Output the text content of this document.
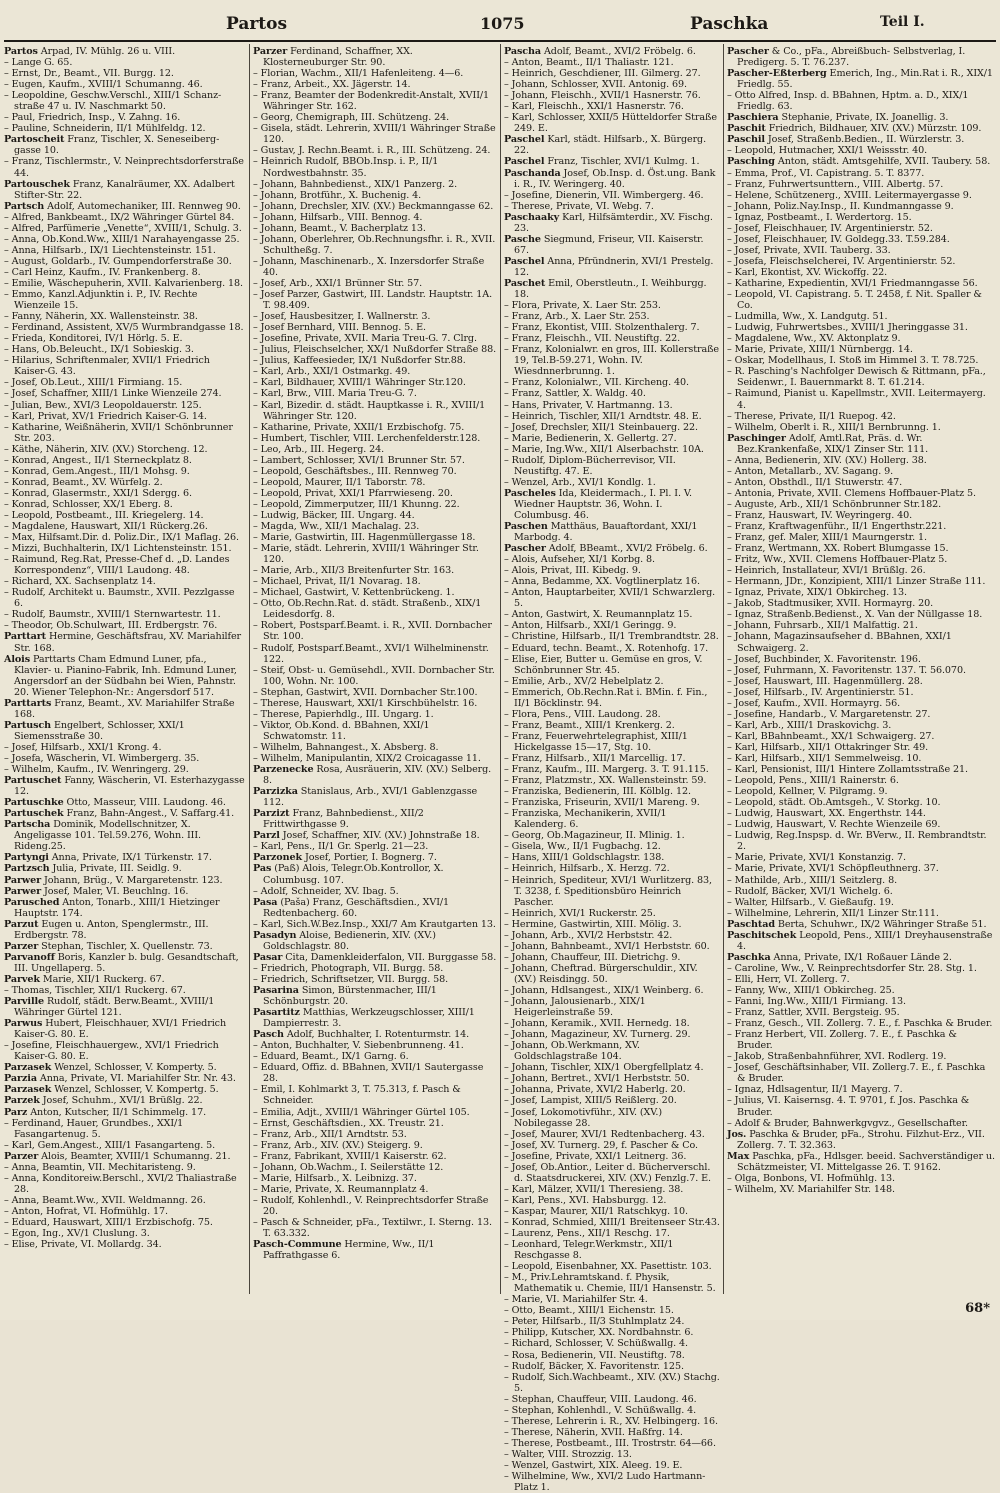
Partos	1075	Paschka	Teil I.

Partos Arpad, IV. Mühlg. 26 u. VIII.

– Lange G. 65.

– Ernst, Dr., Beamt., VII. Burgg. 12.

– Eugen, Kaufm., XVIII/1 Schumanng. 46.

– Leopoldine, Geschw.Verschl., XIII/1 Schanz-straße 47 u. IV. Naschmarkt 50.

– Paul, Friedrich, Insp., V. Zahng. 16.

– Pauline, Schneiderin, II/1 Mühlfeldg. 12.

Partoscheit Franz, Tischler, X. Seneseiberg-gasse 10.

– Franz, Tischlermstr., V. Neinprechtsdorferstraße 44.

Partouschek Franz, Kanalräumer, XX. Adalbert Stifter-Str. 22.

Partsch Adolf, Automechaniker, III. Rennweg 90.

– Alfred, Bankbeamt., IX/2 Währinger Gürtel 84.

– Alfred, Parfümerie „Venette“, XVIII/1, Schulg. 3.

– Anna, Ob.Kond.Ww., XIII/1 Narahayengasse 25.

– Anna, Hilfsarb., IX/1 Liechtensteinstr. 151.

– August, Goldarb., IV. Gumpendorferstraße 30.

– Carl Heinz, Kaufm., IV. Frankenberg. 8.

– Emilie, Wäschepuherin, XVII. Kalvarienberg. 18.

– Emmo, Kanzl.Adjunktin i. P., IV. Rechte Wienzeile 15.

– Fanny, Näherin, XX. Wallensteinstr. 38.

– Ferdinand, Assistent, XV/5 Wurmbrandgasse 18.

– Frieda, Konditorei, IV/1 Hörlg. 5. E.

– Hans, Ob.Beleucht., IX/1 Sobieskig. 3.

– Hilarius, Schriftenmaler, XVII/1 Friedrich Kaiser-G. 43.

– Josef, Ob.Leut., XIII/1 Firmiang. 15.

– Josef, Schaffner, XIII/1 Linke Wienzeile 274.

– Julian, Bew., XVI/3 Leopoldauerstr. 125.

– Karl, Privat, XV/1 Friedrich Kaiser-G. 14.

– Katharine, Weißnäherin, XVII/1 Schönbrunner Str. 203.

– Käthe, Näherin, XIV. (XV.) Storcheng. 12.

– Konrad, Angest., II/1 Sterneckplatz 8.

– Konrad, Gem.Angest., III/1 Mohsg. 9.

– Konrad, Beamt., XV. Würfelg. 2.

– Konrad, Glasermstr., XXI/1 Sdergg. 6.

– Konrad, Schlosser, XX/1 Eberg. 8.

– Leopold, Postbeamt., III. Kriegelerg. 14.

– Magdalene, Hauswart, XII/1 Rückerg.26.

– Max, Hilfsamt.Dir. d. Poliz.Dir., IX/1 Maflag. 26.

– Mizzi, Buchhalterin, IX/1 Lichtensteinstr. 151.

– Raimund, Reg.Rat, Presse-Chef d. „D. Landes Korrespondenz“, VIII/1 Laudong. 48.

– Richard, XX. Sachsenplatz 14.

– Rudolf, Architekt u. Baumstr., XVII. Pezzlgasse 6.

– Rudolf, Baumstr., XVIII/1 Sternwartestr. 11.

– Theodor, Ob.Schulwart, III. Erdbergstr. 76.

Parttart Hermine, Geschäftsfrau, XV. Mariahilfer Str. 168.

Alois Parttarts Cham Edmund Luner, pfa., Klavier- u. Pianino-Fabrik, Inh. Edmund Luner, Angersdorf an der Südbahn bei Wien, Pahnstr. 20. Wiener Telephon-Nr.: Angersdorf 517.

Parttarts Franz, Beamt., XV. Mariahilfer Straße 168.

Partusch Engelbert, Schlosser, XXI/1 Siemensstraße 30.

– Josef, Hilfsarb., XXI/1 Krong. 4.

– Josefa, Wäscherin, VI. Wimbergerg. 35.

– Wilhelm, Kaufm., IV. Wenringerg. 29.

Partuschet Fanny, Wäscherin, VI. Esterhazygasse 12.

Partuschke Otto, Masseur, VIII. Laudong. 46.

Partuschek Franz, Bahn-Angest., V. Saffarg.41.

Partscha Dominik, Modellschnitzer, X. Angeligasse 101. Tel.59.276, Wohn. III. Rideng.25.

Partyngi Anna, Private, IX/1 Türkenstr. 17.

Partzsch Julia, Private, III. Seidlg. 9.

Parwer Johann, Brüg., V. Margaretenstr. 123.

Parwer Josef, Maler, VI. Beuchlng. 16.

Parusched Anton, Tonarb., XIII/1 Hietzinger Hauptstr. 174.

Parzut Eugen u. Anton, Spenglermstr., III. Erdbergstr. 78.

Parzer Stephan, Tischler, X. Quellenstr. 73.

Parvanoff Boris, Kanzler b. bulg. Gesandtschaft, III. Ungellaperg. 5.

Parvek Marie, XII/1 Ruckerg. 67.

– Thomas, Tischler, XII/1 Ruckerg. 67.

Parville Rudolf, städt. Berw.Beamt., XVIII/1 Währinger Gürtel 121.

Parwus Hubert, Fleischhauer, XVI/1 Friedrich Kaiser-G. 80. E.

– Josefine, Fleischhauergew., XVI/1 Friedrich Kaiser-G. 80. E.

Parzasek Wenzel, Schlosser, V. Komperty. 5.

Parzia Anna, Private, VI. Mariahilfer Str. Nr. 43.

Parzasek Wenzel, Schlosser, V. Kompertg. 5.

Parzek Josef, Schuhm., XVI/1 Brüßlg. 22.

Parz Anton, Kutscher, II/1 Schimmelg. 17.

– Ferdinand, Hauer, Grundbes., XXI/1 Fasangartenug. 5.

– Karl, Gem.Angest., XIII/1 Fasangarteng. 5.

Parzer Alois, Beamter, XVIII/1 Schumanng. 21.

– Anna, Beamtin, VII. Mechitaristeng. 9.

– Anna, Konditoreiw.Berschl., XVI/2 Thaliastraße 28.

– Anna, Beamt.Ww., XVII. Weldmanng. 26.

– Anton, Hofrat, VI. Hofmühlg. 17.

– Eduard, Hauswart, XIII/1 Erzbischofg. 75.

– Egon, Ing., XV/1 Cluslung. 3.

– Elise, Private, VI. Mollardg. 34.

Parzer Ferdinand, Schaffner, XX. Klosterneuburger Str. 90.

– Florian, Wachm., XII/1 Hafenleiteng. 4—6.

– Franz, Arbeit., XX. Jägerstr. 14.

– Franz, Beamter der Bodenkredit-Anstalt, XVII/1 Währinger Str. 162.

– Georg, Chemigraph, III. Schützeng. 24.

– Gisela, städt. Lehrerin, XVIII/1 Währinger Straße 120.

– Gustav, J. Rechn.Beamt. i. R., III. Schützeng. 24.

– Heinrich Rudolf, BBOb.Insp. i. P., II/1 Nordwestbahnstr. 35.

– Johann, Bahnbedienst., XIX/1 Panzerg. 2.

– Johann, Brotführ., X. Buchenig. 4.

– Johann, Drechsler, XIV. (XV.) Beckmanngasse 62.

– Johann, Hilfsarb., VIII. Bennog. 4.

– Johann, Beamt., V. Bacherplatz 13.

– Johann, Oberlehrer, Ob.Rechnungsfhr. i. R., XVII. Schultheßg. 7.

– Johann, Maschinenarb., X. Inzersdorfer Straße 40.

– Josef, Arb., XXI/1 Brünner Str. 57.

– Josef Parzer, Gastwirt, III. Landstr. Hauptstr. 1A. T. 98.409.

– Josef, Hausbesitzer, I. Wallnerstr. 3.

– Josef Bernhard, VIII. Bennog. 5. E.

– Josefine, Private, XVII. Maria Treu-G. 7. Clrg.

– Julius, Fleischselcher, XX/1 Nußdorfer Straße 88.

– Julius, Kaffeesieder, IX/1 Nußdorfer Str.88.

– Karl, Arb., XXI/1 Ostmarkg. 49.

– Karl, Bildhauer, XVIII/1 Währinger Str.120.

– Karl, Brw., VIII. Maria Treu-G. 7.

– Karl, Bizedir. d. städt. Hauptkasse i. R., XVIII/1 Währinger Str. 120.

– Katharine, Private, XXII/1 Erzbischofg. 75.

– Humbert, Tischler, VIII. Lerchenfelderstr.128.

– Leo, Arb., III. Hegerg. 24.

– Lambert, Schlosser, XVI/1 Brunner Str. 57.

– Leopold, Geschäftsbes., III. Rennweg 70.

– Leopold, Maurer, II/1 Taborstr. 78.

– Leopold, Privat, XXI/1 Pfarrwieseng. 20.

– Leopold, Zimmerputzer, III/1 Khunng. 22.

– Ludwig, Bäcker, III. Ungarg. 44.

– Magda, Ww., XII/1 Machalag. 23.

– Marie, Gastwirtin, III. Hagenmüllergasse 18.

– Marie, städt. Lehrerin, XVIII/1 Währinger Str. 120.

– Marie, Arb., XII/3 Breitenfurter Str. 163.

– Michael, Privat, II/1 Novarag. 18.

– Michael, Gastwirt, V. Kettenbrückeng. 1.

– Otto, Ob.Rechn.Rat. d. städt. Straßenb., XIX/1 Leidesdorfg. 8.

– Robert, Postsparf.Beamt. i. R., XVII. Dornbacher Str. 100.

– Rudolf, Postsparf.Beamt., XVI/1 Wilhelminenstr. 122.

– Steif, Obst- u. Gemüsehdl., XVII. Dornbacher Str. 100, Wohn. Nr. 100.

– Stephan, Gastwirt, XVII. Dornbacher Str.100.

– Therese, Hauswart, XXI/1 Kirschbühelstr. 16.

– Therese, Papierhdlg., III. Ungarg. 1.

– Viktor, Ob.Kond. d. BBahnen, XXI/1 Schwatomstr. 11.

– Wilhelm, Bahnangest., X. Absberg. 8.

– Wilhelm, Manipulantin, XIX/2 Croicagasse 11.

Parzenecke Rosa, Ausräuerin, XIV. (XV.) Selberg. 8.

Parzizka Stanislaus, Arb., XVI/1 Gablenzgasse 112.

Parzizt Franz, Bahnbedienst., XII/2 Frittwirthgasse 9.

Parzl Josef, Schaffner, XIV. (XV.) Johnstraße 18.

– Karl, Pens., II/1 Gr. Sperlg. 21—23.

Parzonek Josef, Portier, I. Bognerg. 7.

Pas (Paß) Alois, Telegr.Ob.Kontrollor, X. Columbusg. 107.

– Adolf, Schneider, XV. Ibag. 5.

Pasa (Paša) Franz, Geschäftsdien., XVI/1 Redtenbacherg. 60.

– Karl, Sich.W.Bez.Insp., XXI/7 Am Krautgarten 13.

Pasadyn Aloise, Bedienerin, XIV. (XV.) Goldschlagstr. 80.

Pasar Cita, Damenkleiderfalon, VII. Burggasse 58.

– Friedrich, Photograph, VII. Burgg. 58.

– Friedrich, Schriftsetzer, VII. Burgg. 58.

Pasarina Simon, Bürstenmacher, III/1 Schönburgstr. 20.

Pasartitz Matthias, Werkzeugschlosser, XIII/1 Dampierrestr. 3.

Pasch Adolf, Buchhalter, I. Rotenturmstr. 14.

– Anton, Buchhalter, V. Siebenbrunneng. 41.

– Eduard, Beamt., IX/1 Garng. 6.

– Eduard, Offiz. d. BBahnen, XVII/1 Sautergasse 28.

– Emil, I. Kohlmarkt 3, T. 75.313, f. Pasch & Schneider.

– Emilia, Adjt., XVIII/1 Währinger Gürtel 105.

– Ernst, Geschäftsdien., XX. Treustr. 21.

– Franz, Arb., XII/1 Arndtstr. 53.

– Franz, Arb., XIV. (XV.) Steigerg. 9.

– Franz, Fabrikant, XVIII/1 Kaiserstr. 62.

– Johann, Ob.Wachm., I. Seilerstätte 12.

– Marie, Hilfsarb., X. Leibnizg. 37.

– Marie, Private, X. Reumannplatz 4.

– Rudolf, Kohlenhdl., V. Reinprechtsdorfer Straße 20.

– Pasch & Schneider, pFa., Textilwr., I. Sterng. 13. T. 63.332.

Pasch-Commune Hermine, Ww., II/1 Paffrathgasse 6.

Pascha Adolf, Beamt., XVI/2 Fröbelg. 6.

– Anton, Beamt., II/1 Thaliastr. 121.

– Heinrich, Geschdiener, III. Gilmerg. 27.

– Johann, Schlosser, XVII. Antonig. 69.

– Johann, Fleischh., XVII/1 Hasnerstr. 76.

– Karl, Fleischh., XXI/1 Hasnerstr. 76.

– Karl, Schlosser, XXII/5 Hütteldorfer Straße 249. E.

Paschel Karl, städt. Hilfsarb., X. Bürgerg. 22.

Paschel Franz, Tischler, XVI/1 Kulmg. 1.

Paschanda Josef, Ob.Insp. d. Öst.ung. Bank i. R., IV. Weringerg. 40.

– Josefine, Dienerin, VII. Wimbergerg. 46.

– Therese, Private, VI. Webg. 7.

Paschaaky Karl, Hilfsämterdir., XV. Fischg. 23.

Pasche Siegmund, Friseur, VII. Kaiserstr. 67.

Paschel Anna, Pfründnerin, XVI/1 Prestelg. 12.

Paschet Emil, Oberstleutn., I. Weihburgg. 18.

– Flora, Private, X. Laer Str. 253.

– Franz, Arb., X. Laer Str. 253.

– Franz, Ekontist, VIII. Stolzenthalerg. 7.

– Franz, Fleischh., VII. Neustiftg. 22.

– Franz, Kolonialwr. en gros, III. Kollerstraße 19, Tel.B-59.271, Wohn. IV. Wiesdnnerbrunng. 1.

– Franz, Kolonialwr., VII. Kircheng. 40.

– Franz, Sattler, X. Waldg. 40.

– Hans, Privater, V. Hartmanng. 13.

– Heinrich, Tischler, XII/1 Arndtstr. 48. E.

– Josef, Drechsler, XII/1 Steinbauerg. 22.

– Marie, Bedienerin, X. Gellertg. 27.

– Marie, Ing.Ww., XII/1 Alserbachstr. 10A.

– Rudolf, Diplom-Bücherrevisor, VII. Neustiftg. 47. E.

– Wenzel, Arb., XVI/1 Kondlg. 1.

Pascheles Ida, Kleidermach., I. Pl. I. V. Wiedner Hauptstr. 36, Wohn. I. Columbusg. 46.

Paschen Matthäus, Bauaftordant, XXI/1 Marbodg. 4.

Pascher Adolf, BBeamt., XVI/2 Fröbelg. 6.

– Alois, Aufseher, XI/1 Korbg. 8.

– Alois, Privat, III. Kibedg. 9.

– Anna, Bedamme, XX. Vogtlinerplatz 16.

– Anton, Hauptarbeiter, XVII/1 Schwarzlerg. 5.

– Anton, Gastwirt, X. Reumannplatz 15.

– Anton, Hilfsarb., XXI/1 Geringg. 9.

– Christine, Hilfsarb., II/1 Trembrandtstr. 28.

– Eduard, techn. Beamt., X. Rotenhofg. 17.

– Elise, Eier, Butter u. Gemüse en gros, V. Schönbrunner Str. 45.

– Emilie, Arb., XV/2 Hebelplatz 2.

– Emmerich, Ob.Rechn.Rat i. BMin. f. Fin., II/1 Böcklinstr. 94.

– Flora, Pens., VIII. Laudong. 28.

– Franz, Beamt., XIII/1 Krenkerg. 2.

– Franz, Feuerwehrtelegraphist, XIII/1 Hickelgasse 15—17, Stg. 10.

– Franz, Hilfsarb., XII/1 Marcellig. 17.

– Franz, Kaufm., III. Margerg. 3. T. 91.115.

– Franz, Platzmstr., XX. Wallensteinstr. 59.

– Franziska, Bedienerin, III. Kölblg. 12.

– Franziska, Friseurin, XVII/1 Mareng. 9.

– Franziska, Mechanikerin, XVII/1 Kalenderg. 6.

– Georg, Ob.Magazineur, II. Mlinig. 1.

– Gisela, Ww., II/1 Fugbachg. 12.

– Hans, XIII/1 Goldschlagstr. 138.

– Heinrich, Hilfsarb., X. Herzg. 72.

– Heinrich, Spediteur, XVI/1 Wurlitzerg. 83, T. 3238, f. Speditionsbüro Heinrich Pascher.

– Heinrich, XVI/1 Ruckerstr. 25.

– Hermine, Gastwirtin, XIII. Mölig. 3.

– Johann, Arb., XVI/2 Herbststr. 42.

– Johann, Bahnbeamt., XVI/1 Herbststr. 60.

– Johann, Chauffeur, III. Dietrichg. 9.

– Johann, Cheftrad. Bürgerschuldir., XIV. (XV.) Reisdingg. 50.

– Johann, Hdlsangest., XIX/1 Weinberg. 6.

– Johann, Jalousienarb., XIX/1 Heigerleinstraße 59.

– Johann, Keramik., XVII. Hernedg. 18.

– Johann, Magazineur, XV. Turnerg. 29.

– Johann, Ob.Werkmann, XV. Goldschlagstraße 104.

– Johann, Tischler, XIX/1 Obergfellplatz 4.

– Johann, Bertret., XVI/1 Herbststr. 50.

– Johanna, Private, XVI/2 Haberlg. 20.

– Josef, Lampist, XIII/5 Reißlerg. 20.

– Josef, Lokomotivführ., XIV. (XV.) Nobilegasse 28.

– Josef, Maurer, XVI/1 Redtenbacherg. 43.

– Josef, XV. Turnerg. 29, f. Pascher & Co.

– Josefine, Private, XXI/1 Leitnerg. 36.

– Josef, Ob.Antior., Leiter d. Bücherverschl. d. Staatsdruckerei, XIV. (XV.) Fenzlg.7. E.

– Karl, Mälzer, XVII/1 Theresieng. 38.

– Karl, Pens., XVI. Habsburgg. 12.

– Kaspar, Maurer, XII/1 Ratschkyg. 10.

– Konrad, Schmied, XIII/1 Breitenseer Str.43.

– Laurenz, Pens., XII/1 Reschg. 17.

– Leonhard, Telegr.Werkmstr., XII/1 Reschgasse 8.

– Leopold, Eisenbahner, XX. Pasettistr. 103.

– M., Priv.Lehramtskand. f. Physik, Mathematik u. Chemie, III/1 Hansenstr. 5.

– Marie, VI. Mariahilfer Str. 4.

– Otto, Beamt., XIII/1 Eichenstr. 15.

– Peter, Hilfsarb., II/3 Stuhlmplatz 24.

– Philipp, Kutscher, XX. Nordbahnstr. 6.

– Richard, Schlosser, V. Schüßwallg. 4.

– Rosa, Bedienerin, VII. Neustiftg. 78.

– Rudolf, Bäcker, X. Favoritenstr. 125.

– Rudolf, Sich.Wachbeamt., XIV. (XV.) Stachg. 5.

– Stephan, Chauffeur, VIII. Laudong. 46.

– Stephan, Kohlenhdl., V. Schüßwallg. 4.

– Therese, Lehrerin i. R., XV. Helbingerg. 16.

– Therese, Näherin, XVII. Haßfrg. 14.

– Therese, Postbeamt., III. Trostrstr. 64—66.

– Walter, VIII. Strozzig. 13.

– Wenzel, Gastwirt, XIX. Aleeg. 19. E.

– Wilhelmine, Ww., XVI/2 Ludo Hartmann-Platz 1.

Pascher & Co., pFa., Abreißbuch- Selbstverlag, I. Predigerg. 5. T. 76.237.

Pascher-Eßterberg Emerich, Ing., Min.Rat i. R., XIX/1 Friedlg. 55.

– Otto Alfred, Insp. d. BBahnen, Hptm. a. D., XIX/1 Friedlg. 63.

Paschiera Stephanie, Private, IX. Joanellig. 3.

Paschit Friedrich, Bildhauer, XIV. (XV.) Mürzstr. 109.

Paschil Josef, Straßenb.Bedien., II. Würzlerstr. 3.

– Leopold, Hutmacher, XXI/1 Weissstr. 40.

Pasching Anton, städt. Amtsgehilfe, XVII. Taubery. 58.

– Emma, Prof., VI. Capistrang. 5. T. 8377.

– Franz, Fuhrwertsunttern., VIII. Albertg. 57.

– Helene, Schützenerg., XVIII. Leitermayergasse 9.

– Johann, Poliz.Nay.Insp., II. Kundmanngasse 9.

– Ignaz, Postbeamt., I. Werdertorg. 15.

– Josef, Fleischhauer, IV. Argentinierstr. 52.

– Josef, Fleischhauer, IV. Goldegg.33. T.59.284.

– Josef, Private, XVII. Tauberg. 33.

– Josefa, Fleischselcherei, IV. Argentinierstr. 52.

– Karl, Ekontist, XV. Wickoffg. 22.

– Katharine, Expedientin, XVI/1 Friedmanngasse 56.

– Leopold, VI. Capistrang. 5. T. 2458, f. Nit. Spaller & Co.

– Ludmilla, Ww., X. Landgutg. 51.

– Ludwig, Fuhrwertsbes., XVIII/1 Jheringgasse 31.

– Magdalene, Ww., XV. Aktonplatz 9.

– Marie, Private, XIII/1 Nürnbergg. 14.

– Oskar, Modellhaus, I. Stoß im Himmel 3. T. 78.725.

– R. Pasching's Nachfolger Dewisch & Rittmann, pFa., Seidenwr., I. Bauernmarkt 8. T. 61.214.

– Raimund, Pianist u. Kapellmstr., XVII. Leitermayerg. 4.

– Therese, Private, II/1 Ruepog. 42.

– Wilhelm, Oberlt i. R., XIII/1 Bernbrunng. 1.

Paschinger Adolf, Amtl.Rat, Präs. d. Wr. Bez.Krankenfaße, XIX/1 Zinser Str. 111.

– Anna, Bedienerin, XIV. (XV.) Hollerg. 38.

– Anton, Metallarb., XV. Sagang. 9.

– Anton, Obsthdl., II/1 Stuwerstr. 47.

– Antonia, Private, XVII. Clemens Hoffbauer-Platz 5.

– Auguste, Arb., XII/1 Schönbrunner Str.182.

– Franz, Hauswart, IV. Weyringerg. 40.

– Franz, Kraftwagenführ., II/1 Engerthstr.221.

– Franz, gef. Maler, XIII/1 Maurngerstr. 1.

– Franz, Wertmann, XX. Robert Blumgasse 15.

– Fritz, Ww., XVII. Clemens Hoffbauer-Platz 5.

– Heinrich, Installateur, XVI/1 Brüßlg. 26.

– Hermann, JDr., Konzipient, XIII/1 Linzer Straße 111.

– Ignaz, Private, XIX/1 Obkircheg. 13.

– Jakob, Stadtmusiker, XVII. Hormayrg. 20.

– Ignaz, Straßenb.Bedienst., X. Van der Nüllgasse 18.

– Johann, Fuhrsarb., XII/1 Malfattig. 21.

– Johann, Magazinsaufseher d. BBahnen, XXI/1 Schwaigerg. 2.

– Josef, Buchbinder, X. Favoritenstr. 196.

– Josef, Fuhrmann, X. Favoritenstr. 137. T. 56.070.

– Josef, Hauswart, III. Hagenmüllerg. 28.

– Josef, Hilfsarb., IV. Argentinierstr. 51.

– Josef, Kaufm., XVII. Hormayrg. 56.

– Josefine, Handarb., V. Margaretenstr. 27.

– Karl, Arb., XIII/1 Draskovichg. 3.

– Karl, BBahnbeamt., XX/1 Schwaigerg. 27.

– Karl, Hilfsarb., XII/1 Ottakringer Str. 49.

– Karl, Hilfsarb., XII/1 Semmelweisg. 10.

– Karl, Pensionist, III/1 Hintere Zollamtsstraße 21.

– Leopold, Pens., XIII/1 Rainerstr. 6.

– Leopold, Kellner, V. Pilgramg. 9.

– Leopold, städt. Ob.Amtsgeh., V. Storkg. 10.

– Ludwig, Hauswart, XX. Engerthstr. 144.

– Ludwig, Hauswart, V. Rechte Wienzeile 69.

– Ludwig, Reg.Inspsp. d. Wr. BVerw., II. Rembrandtstr. 2.

– Marie, Private, XVI/1 Konstanzig. 7.

– Marie, Private, XVI/1 Schöpfleuthnerg. 37.

– Mathilde, Arb., XIII/1 Seitzlerg. 8.

– Rudolf, Bäcker, XVI/1 Wichelg. 6.

– Walter, Hilfsarb., V. Gießaufg. 19.

– Wilhelmine, Lehrerin, XII/1 Linzer Str.111.

Paschtad Berta, Schuhwr., IX/2 Währinger Straße 51.

Paschitschek Leopold, Pens., XIII/1 Dreyhausenstraße 4.

Paschka Anna, Private, IX/1 Roßauer Lände 2.

– Caroline, Ww., V. Reinprechtsdorfer Str. 28. Stg. 1.

– Elli, Herr, VI. Zollerg. 7.

– Fanny, Ww., XIII/1 Obkircheg. 25.

– Fanni, Ing.Ww., XIII/1 Firmiang. 13.

– Franz, Sattler, XVII. Bergsteig. 95.

– Franz, Gesch., VII. Zollerg. 7. E., f. Paschka & Bruder.

– Franz Herbert, VII. Zollerg. 7. E., f. Paschka & Bruder.

– Jakob, Straßenbahnführer, XVI. Rodlerg. 19.

– Josef, Geschäftsinhaber, VII. Zollerg.7. E., f. Paschka & Bruder.

– Ignaz, Hdlsagentur, II/1 Mayerg. 7.

– Julius, VI. Kaisernsg. 4. T. 9701, f. Jos. Paschka & Bruder.

– Adolf & Bruder, Bahnwerkgvgvz., Gesellschafter.

Jos. Paschka & Bruder, pFa., Strohu. Filzhut-Erz., VII. Zollerg. 7. T. 32.363.

Max Paschka, pFa., Hdlsger. beeid. Sachverständiger u. Schätzmeister, VI. Mittelgasse 26. T. 9162.

– Olga, Bonbons, VI. Hofmühlg. 13.

– Wilhelm, XV. Mariahilfer Str. 148.

68*
